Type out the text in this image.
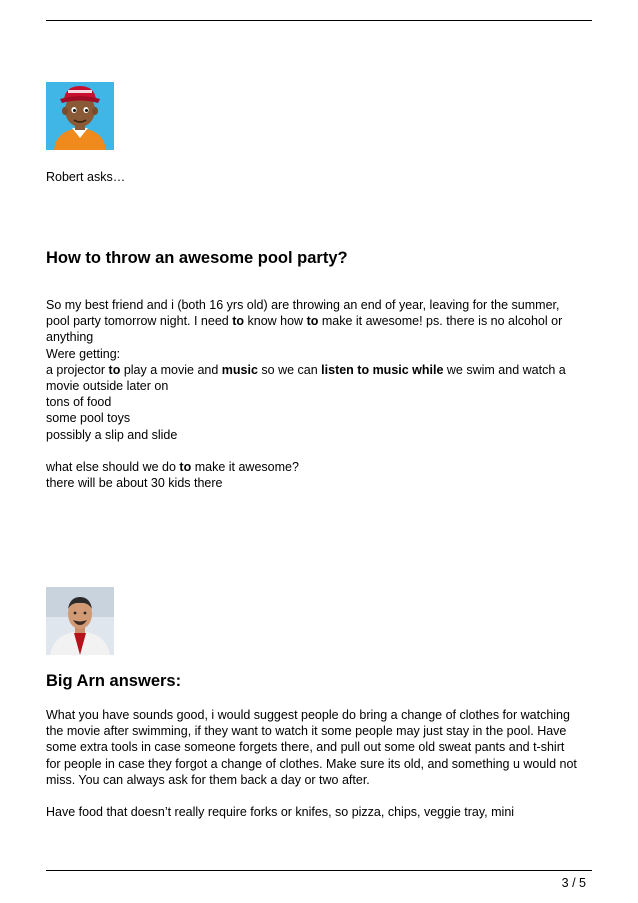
Robert asks…
How to throw an awesome pool party?

So my best friend and i (both 16 yrs old) are throwing an end of year, leaving for the summer,

pool party tomorrow night. I need to know how to make it awesome! ps. there is no alcohol or

anything

Were getting:

a projector to play a movie and music so we can listen to music while we swim and watch a

movie outside later on

tons of food

some pool toys

possibly a slip and slide

what else should we do to make it awesome?

there will be about 30 kids there

Big Arn answers:

What you have sounds good, i would suggest people do bring a change of clothes for watching

the movie after swimming, if they want to watch it some people may just stay in the pool. Have

some extra tools in case someone forgets there, and pull out some old sweat pants and t-shirt

for people in case they forgot a change of clothes. Make sure its old, and something u would not

miss. You can always ask for them back a day or two after.

Have food that doesn’t really require forks or knifes, so pizza, chips, veggie tray, mini

3 / 5
